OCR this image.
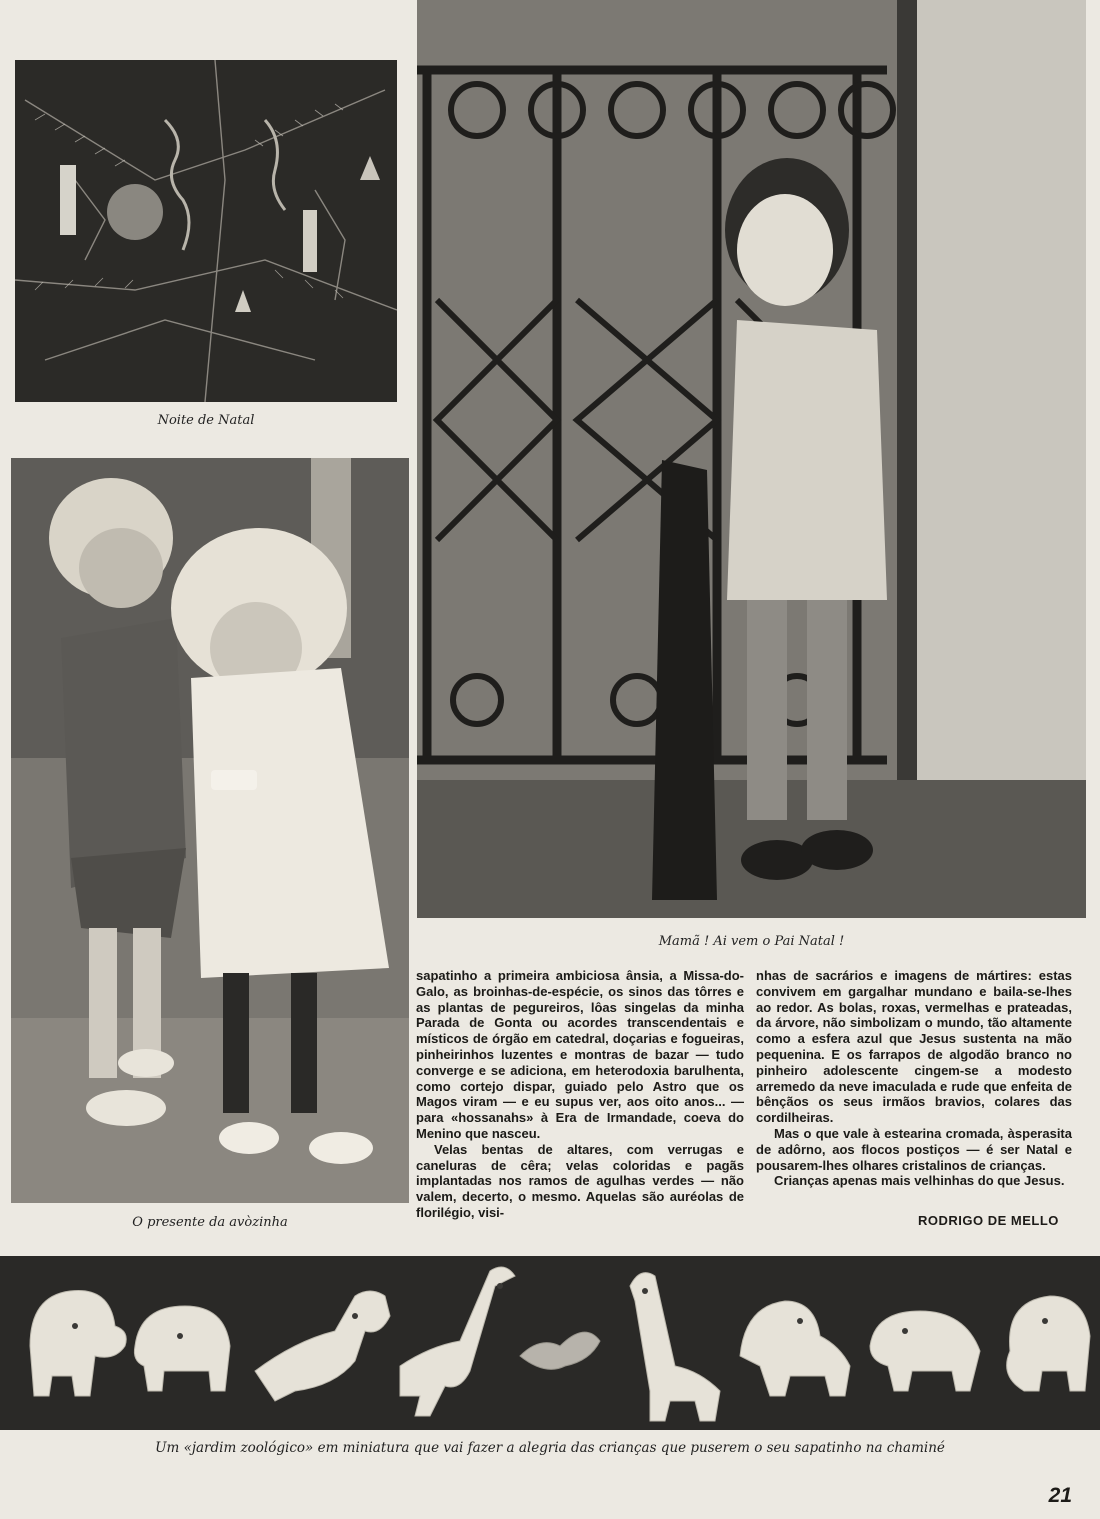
Noite de Natal
O presente da avòzinha
Mamã ! Ai vem o Pai Natal !

sapatinho a primeira ambiciosa ânsia, a Missa-do-Galo, as broinhas-de-espécie, os sinos das tôrres e as plantas de pegureiros, lôas singelas da minha Parada de Gonta ou acordes transcendentais e místicos de órgão em catedral, doçarias e fogueiras, pinheirinhos luzentes e montras de bazar — tudo converge e se adiciona, em heterodoxia barulhenta, como cortejo dispar, guiado pelo Astro que os Magos viram — e eu supus ver, aos oito anos... — para «hossanahs» à Era de Irmandade, coeva do Menino que nasceu.

Velas bentas de altares, com verrugas e caneluras de cêra; velas coloridas e pagãs implantadas nos ramos de agulhas verdes — não valem, decerto, o mesmo. Aquelas são auréolas de florilégio, visi-

nhas de sacrários e imagens de mártires: estas convivem em gargalhar mundano e baila-se-lhes ao redor. As bolas, roxas, vermelhas e prateadas, da árvore, não simbolizam o mundo, tão altamente como a esfera azul que Jesus sustenta na mão pequenina. E os farrapos de algodão branco no pinheiro adolescente cingem-se a modesto arremedo da neve imaculada e rude que enfeita de bênçãos os seus irmãos bravios, colares das cordilheiras.

Mas o que vale à estearina cromada, àsperasita de adôrno, aos flocos postiços — é ser Natal e pousarem-lhes olhares cristalinos de crianças.

Crianças apenas mais velhinhas do que Jesus.

RODRIGO DE MELLO
Um «jardim zoológico» em miniatura que vai fazer a alegria das crianças que puserem o seu sapatinho na chaminé
21
